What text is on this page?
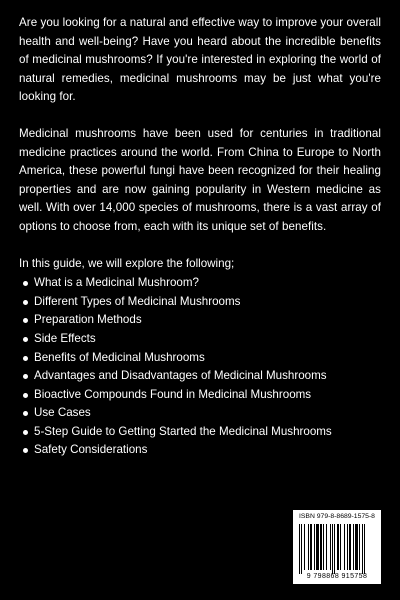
Are you looking for a natural and effective way to improve your overall health and well-being? Have you heard about the incredible benefits of medicinal mushrooms? If you're interested in exploring the world of natural remedies, medicinal mushrooms may be just what you're looking for.

Medicinal mushrooms have been used for centuries in traditional medicine practices around the world. From China to Europe to North America, these powerful fungi have been recognized for their healing properties and are now gaining popularity in Western medicine as well. With over 14,000 species of mushrooms, there is a vast array of options to choose from, each with its unique set of benefits.

In this guide, we will explore the following;

What is a Medicinal Mushroom?
Different Types of Medicinal Mushrooms
Preparation Methods
Side Effects
Benefits of Medicinal Mushrooms
Advantages and Disadvantages of Medicinal Mushrooms
Bioactive Compounds Found in Medicinal Mushrooms
Use Cases
5-Step Guide to Getting Started the Medicinal Mushrooms
Safety Considerations
ISBN 979-8-8689-1575-8
9 798868 915758
